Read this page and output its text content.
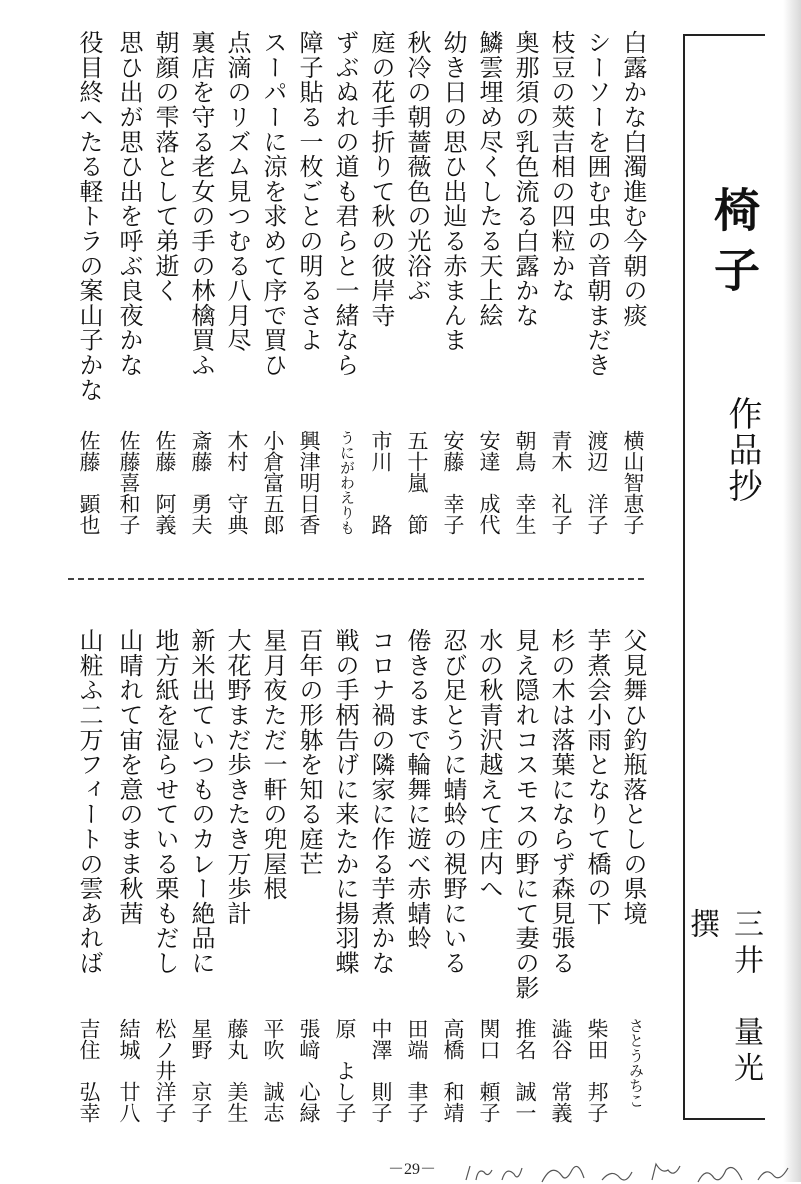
椅子
作品抄
三井　量光　撰
白露かな白濁進む今朝の痰
横山智恵子
シーソーを囲む虫の音朝まだき
渡辺　洋子
枝豆の莢吉相の四粒かな
青木　礼子
奥那須の乳色流る白露かな
朝鳥　幸生
鱗雲埋め尽くしたる天上絵
安達　成代
幼き日の思ひ出辿る赤まんま
安藤　幸子
秋冷の朝薔薇色の光浴ぶ
五十嵐　節
庭の花手折りて秋の彼岸寺
市川　　路
ずぶぬれの道も君らと一緒なら
うにがわえりも
障子貼る一枚ごとの明るさよ
興津明日香
スーパーに涼を求めて序で買ひ
小倉富五郎
点滴のリズム見つむる八月尽
木村　守典
裏店を守る老女の手の林檎買ふ
斎藤　勇夫
朝顔の雫落として弟逝く
佐藤　阿義
思ひ出が思ひ出を呼ぶ良夜かな
佐藤喜和子
役目終へたる軽トラの案山子かな
佐藤　顕也
父見舞ひ釣瓶落としの県境
さとうみちこ
芋煮会小雨となりて橋の下
柴田　邦子
杉の木は落葉にならず森見張る
澁谷　常義
見え隠れコスモスの野にて妻の影
推名　誠一
水の秋青沢越えて庄内へ
関口　頼子
忍び足とうに蜻蛉の視野にいる
高橋　和靖
倦きるまで輪舞に遊べ赤蜻蛉
田端　聿子
コロナ禍の隣家に作る芋煮かな
中澤　則子
戦の手柄告げに来たかに揚羽蝶
原　よし子
百年の形躰を知る庭芒
張﨑　心緑
星月夜ただ一軒の兜屋根
平吹　誠志
大花野まだ歩きたき万歩計
藤丸　美生
新米出ていつものカレー絶品に
星野　京子
地方紙を湿らせている栗もだし
松ノ井洋子
山晴れて宙を意のまま秋茜
結城　廿八
山粧ふ二万フィートの雲あれば
吉住　弘幸
－29－
